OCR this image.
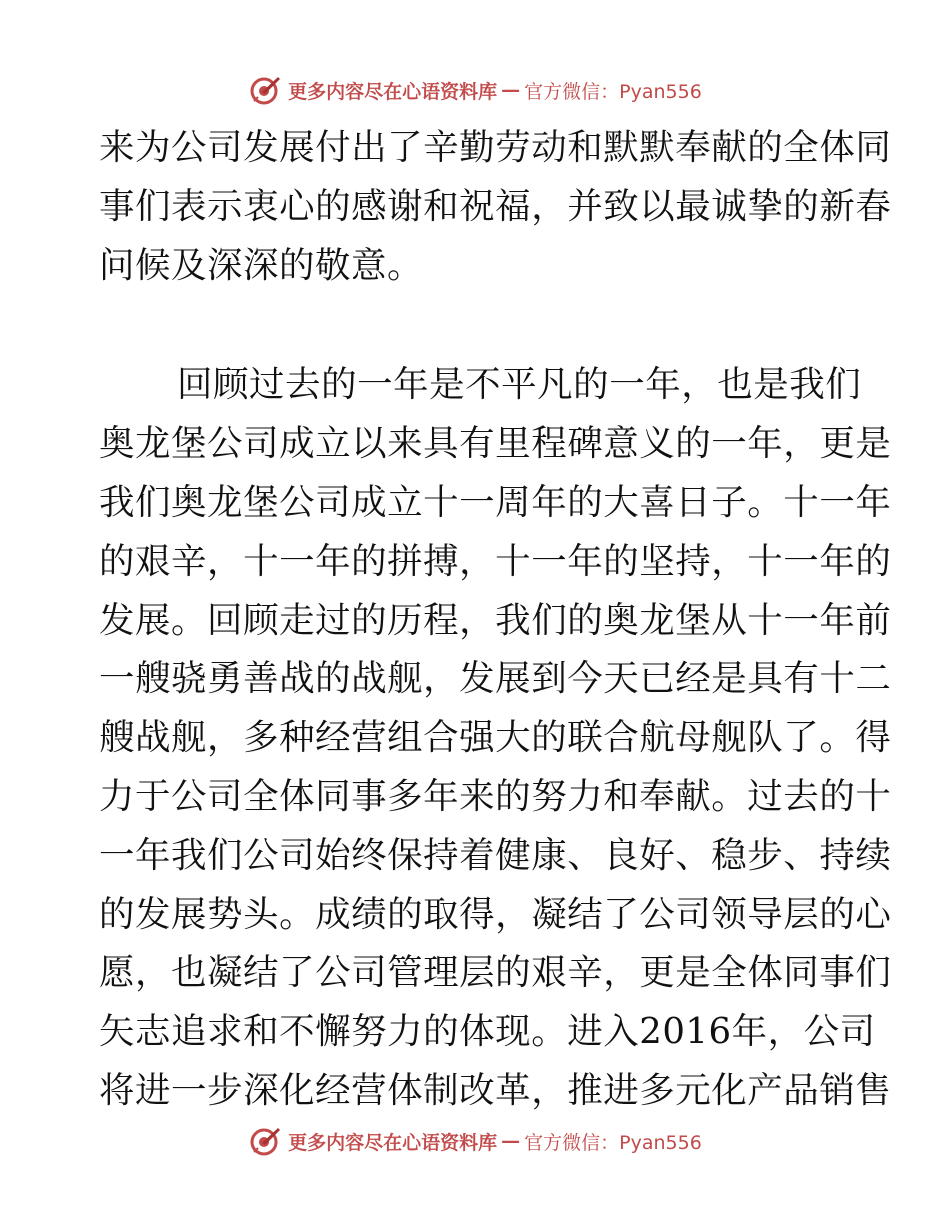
更多内容尽在心语资料库 — 官方微信：Pyan556
来 为 公 司 发 展 付 出 了 辛 勤 劳 动 和 默 默 奉 献 的 全 体 同
事 们 表 示 衷 心 的 感 谢 和 祝 福 ， 并 致 以 最 诚 挚 的 新 春
问候及深深的敬意。
回 顾 过 去 的 一 年 是 不 平 凡 的 一 年 ， 也 是 我 们
奥 龙 堡 公 司 成 立 以 来 具 有 里 程 碑 意 义 的 一 年 ， 更 是
我 们 奥 龙 堡 公 司 成 立 十 一 周 年 的 大 喜 日 子 。 十 一 年
的 艰 辛 ， 十 一 年 的 拼 搏 ， 十 一 年 的 坚 持 ， 十 一 年 的
发 展 。 回 顾 走 过 的 历 程 ， 我 们 的 奥 龙 堡 从 十 一 年 前
一 艘 骁 勇 善 战 的 战 舰 ， 发 展 到 今 天 已 经 是 具 有 十 二
艘 战 舰 ， 多 种 经 营 组 合 强 大 的 联 合 航 母 舰 队 了 。 得
力 于 公 司 全 体 同 事 多 年 来 的 努 力 和 奉 献 。 过 去 的 十
一 年 我 们 公 司 始 终 保 持 着 健 康 、 良 好 、 稳 步 、 持 续
的 发 展 势 头 。 成 绩 的 取 得 ， 凝 结 了 公 司 领 导 层 的 心
愿 ， 也 凝 结 了 公 司 管 理 层 的 艰 辛 ， 更 是 全 体 同 事 们
矢 志 追 求 和 不 懈 努 力 的 体 现 。 进 入 2016 年 ， 公 司
将 进 一 步 深 化 经 营 体 制 改 革 ， 推 进 多 元 化 产 品 销 售
更多内容尽在心语资料库 — 官方微信：Pyan556
